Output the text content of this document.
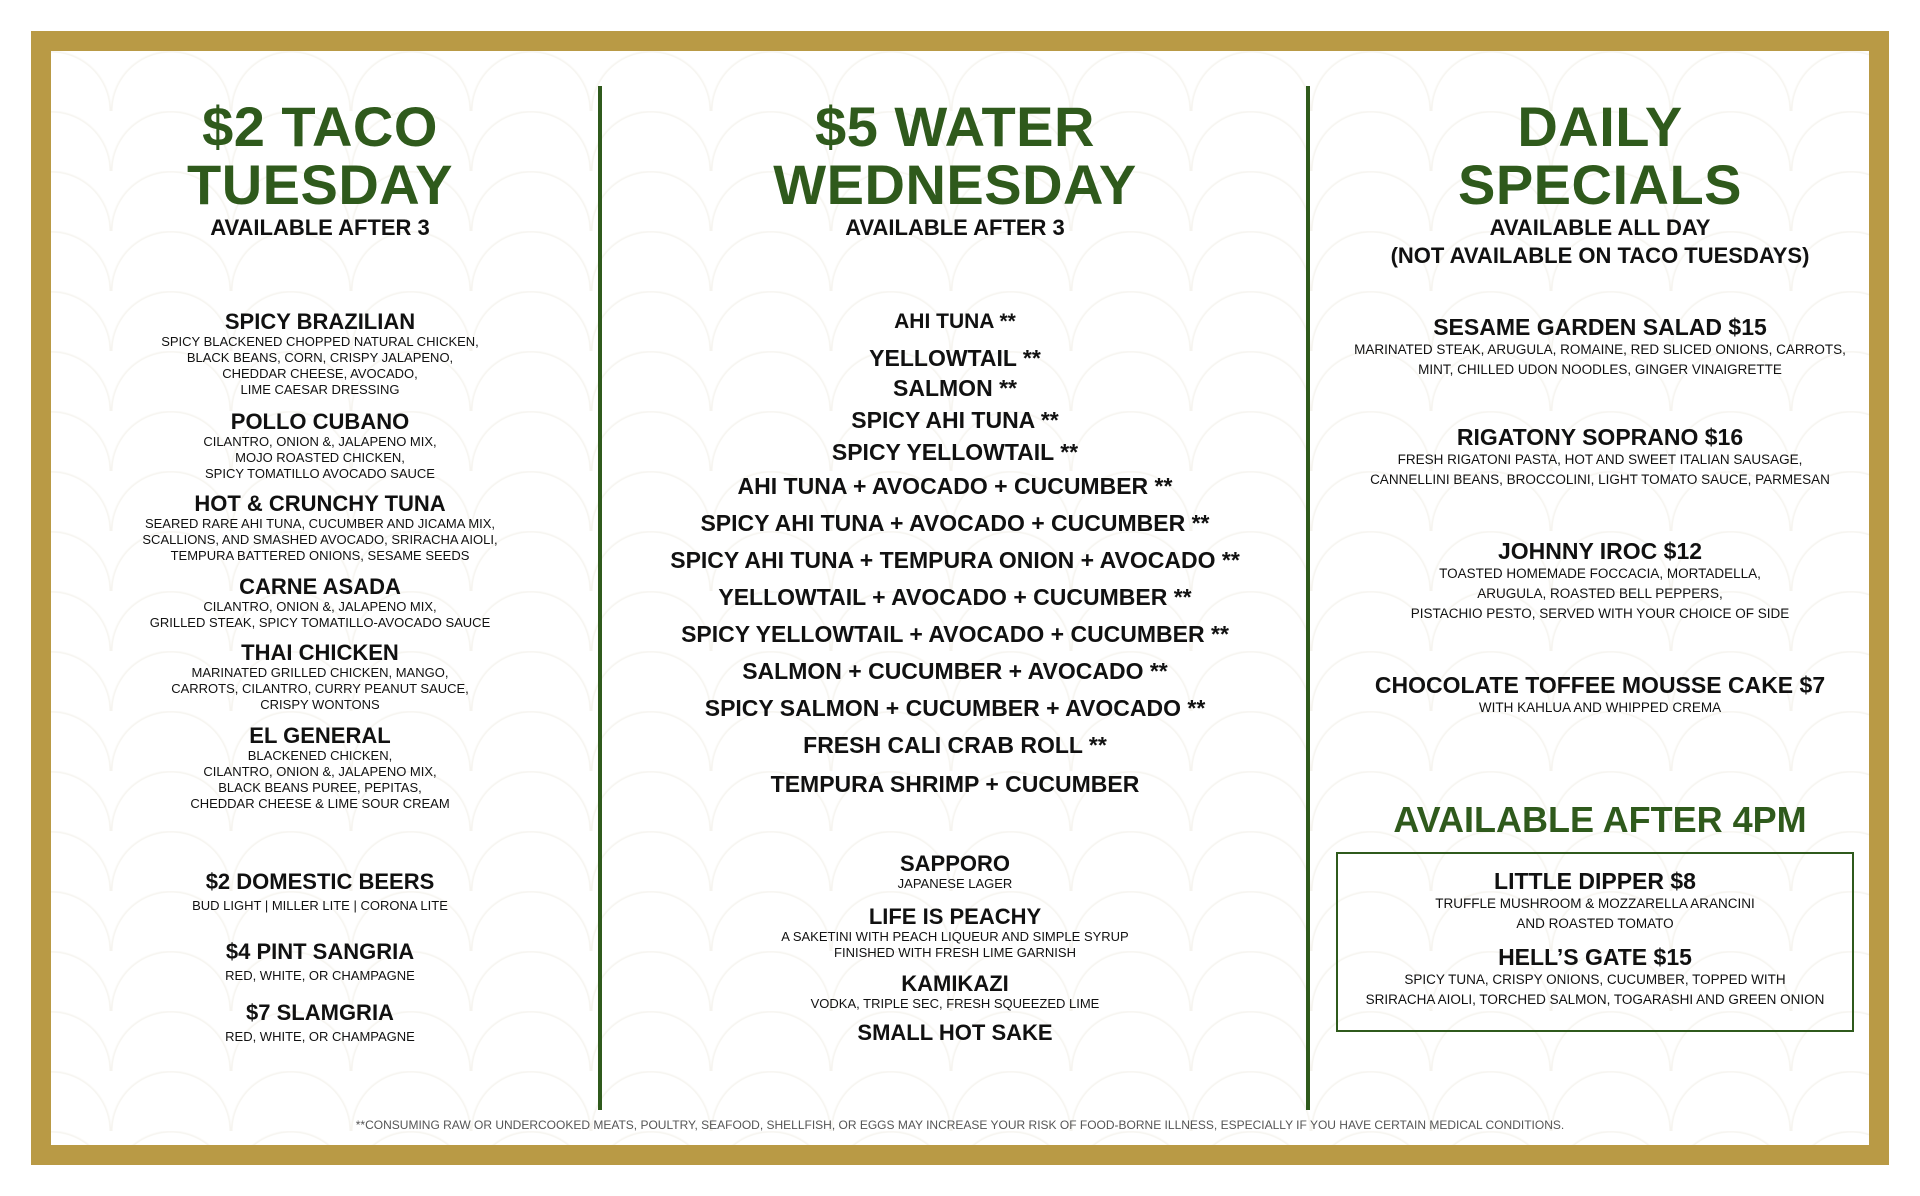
$2 TACO

TUESDAY

AVAILABLE AFTER 3

SPICY BRAZILIAN

SPICY BLACKENED CHOPPED NATURAL CHICKEN,

BLACK BEANS, CORN, CRISPY JALAPENO,

CHEDDAR CHEESE, AVOCADO,

LIME CAESAR DRESSING

POLLO CUBANO

CILANTRO, ONION &, JALAPENO MIX,

MOJO ROASTED CHICKEN,

SPICY TOMATILLO AVOCADO SAUCE

HOT & CRUNCHY TUNA

SEARED RARE AHI TUNA, CUCUMBER AND JICAMA MIX,

SCALLIONS, AND SMASHED AVOCADO, SRIRACHA AIOLI,

TEMPURA BATTERED ONIONS, SESAME SEEDS

CARNE ASADA

CILANTRO, ONION &, JALAPENO MIX,

GRILLED STEAK, SPICY TOMATILLO-AVOCADO SAUCE

THAI CHICKEN

MARINATED GRILLED CHICKEN, MANGO,

CARROTS, CILANTRO, CURRY PEANUT SAUCE,

CRISPY WONTONS

EL GENERAL

BLACKENED CHICKEN,

CILANTRO, ONION &, JALAPENO MIX,

BLACK BEANS PUREE, PEPITAS,

CHEDDAR CHEESE & LIME SOUR CREAM

$2 DOMESTIC BEERS

BUD LIGHT | MILLER LITE | CORONA LITE

$4 PINT SANGRIA

RED, WHITE, OR CHAMPAGNE

$7 SLAMGRIA

RED, WHITE, OR CHAMPAGNE

$5 WATER

WEDNESDAY

AVAILABLE AFTER 3

AHI TUNA **

YELLOWTAIL **

SALMON **

SPICY AHI TUNA **

SPICY YELLOWTAIL **

AHI TUNA + AVOCADO + CUCUMBER **

SPICY AHI TUNA + AVOCADO + CUCUMBER **

SPICY AHI TUNA + TEMPURA ONION + AVOCADO **

YELLOWTAIL + AVOCADO + CUCUMBER **

SPICY YELLOWTAIL + AVOCADO + CUCUMBER **

SALMON + CUCUMBER + AVOCADO **

SPICY SALMON + CUCUMBER + AVOCADO **

FRESH CALI CRAB ROLL **

TEMPURA SHRIMP + CUCUMBER

SAPPORO

JAPANESE LAGER

LIFE IS PEACHY

A SAKETINI WITH PEACH LIQUEUR AND SIMPLE SYRUP

FINISHED WITH FRESH LIME GARNISH

KAMIKAZI

VODKA, TRIPLE SEC, FRESH SQUEEZED LIME

SMALL HOT SAKE

DAILY

SPECIALS

AVAILABLE ALL DAY

(NOT AVAILABLE ON TACO TUESDAYS)

SESAME GARDEN SALAD $15

MARINATED STEAK, ARUGULA, ROMAINE, RED SLICED ONIONS, CARROTS,

MINT, CHILLED UDON NOODLES, GINGER VINAIGRETTE

RIGATONY SOPRANO $16

FRESH RIGATONI PASTA, HOT AND SWEET ITALIAN SAUSAGE,

CANNELLINI BEANS, BROCCOLINI, LIGHT TOMATO SAUCE, PARMESAN

JOHNNY IROC $12

TOASTED HOMEMADE FOCCACIA, MORTADELLA,

ARUGULA, ROASTED BELL PEPPERS,

PISTACHIO PESTO, SERVED WITH YOUR CHOICE OF SIDE

CHOCOLATE TOFFEE MOUSSE CAKE $7

WITH KAHLUA AND WHIPPED CREMA

AVAILABLE AFTER 4PM

LITTLE DIPPER $8

TRUFFLE MUSHROOM & MOZZARELLA ARANCINI

AND ROASTED TOMATO

HELL’S GATE $15

SPICY TUNA, CRISPY ONIONS, CUCUMBER, TOPPED WITH

SRIRACHA AIOLI, TORCHED SALMON, TOGARASHI AND GREEN ONION

**CONSUMING RAW OR UNDERCOOKED MEATS, POULTRY, SEAFOOD, SHELLFISH, OR EGGS MAY INCREASE YOUR RISK OF FOOD-BORNE ILLNESS, ESPECIALLY IF YOU HAVE CERTAIN MEDICAL CONDITIONS.
